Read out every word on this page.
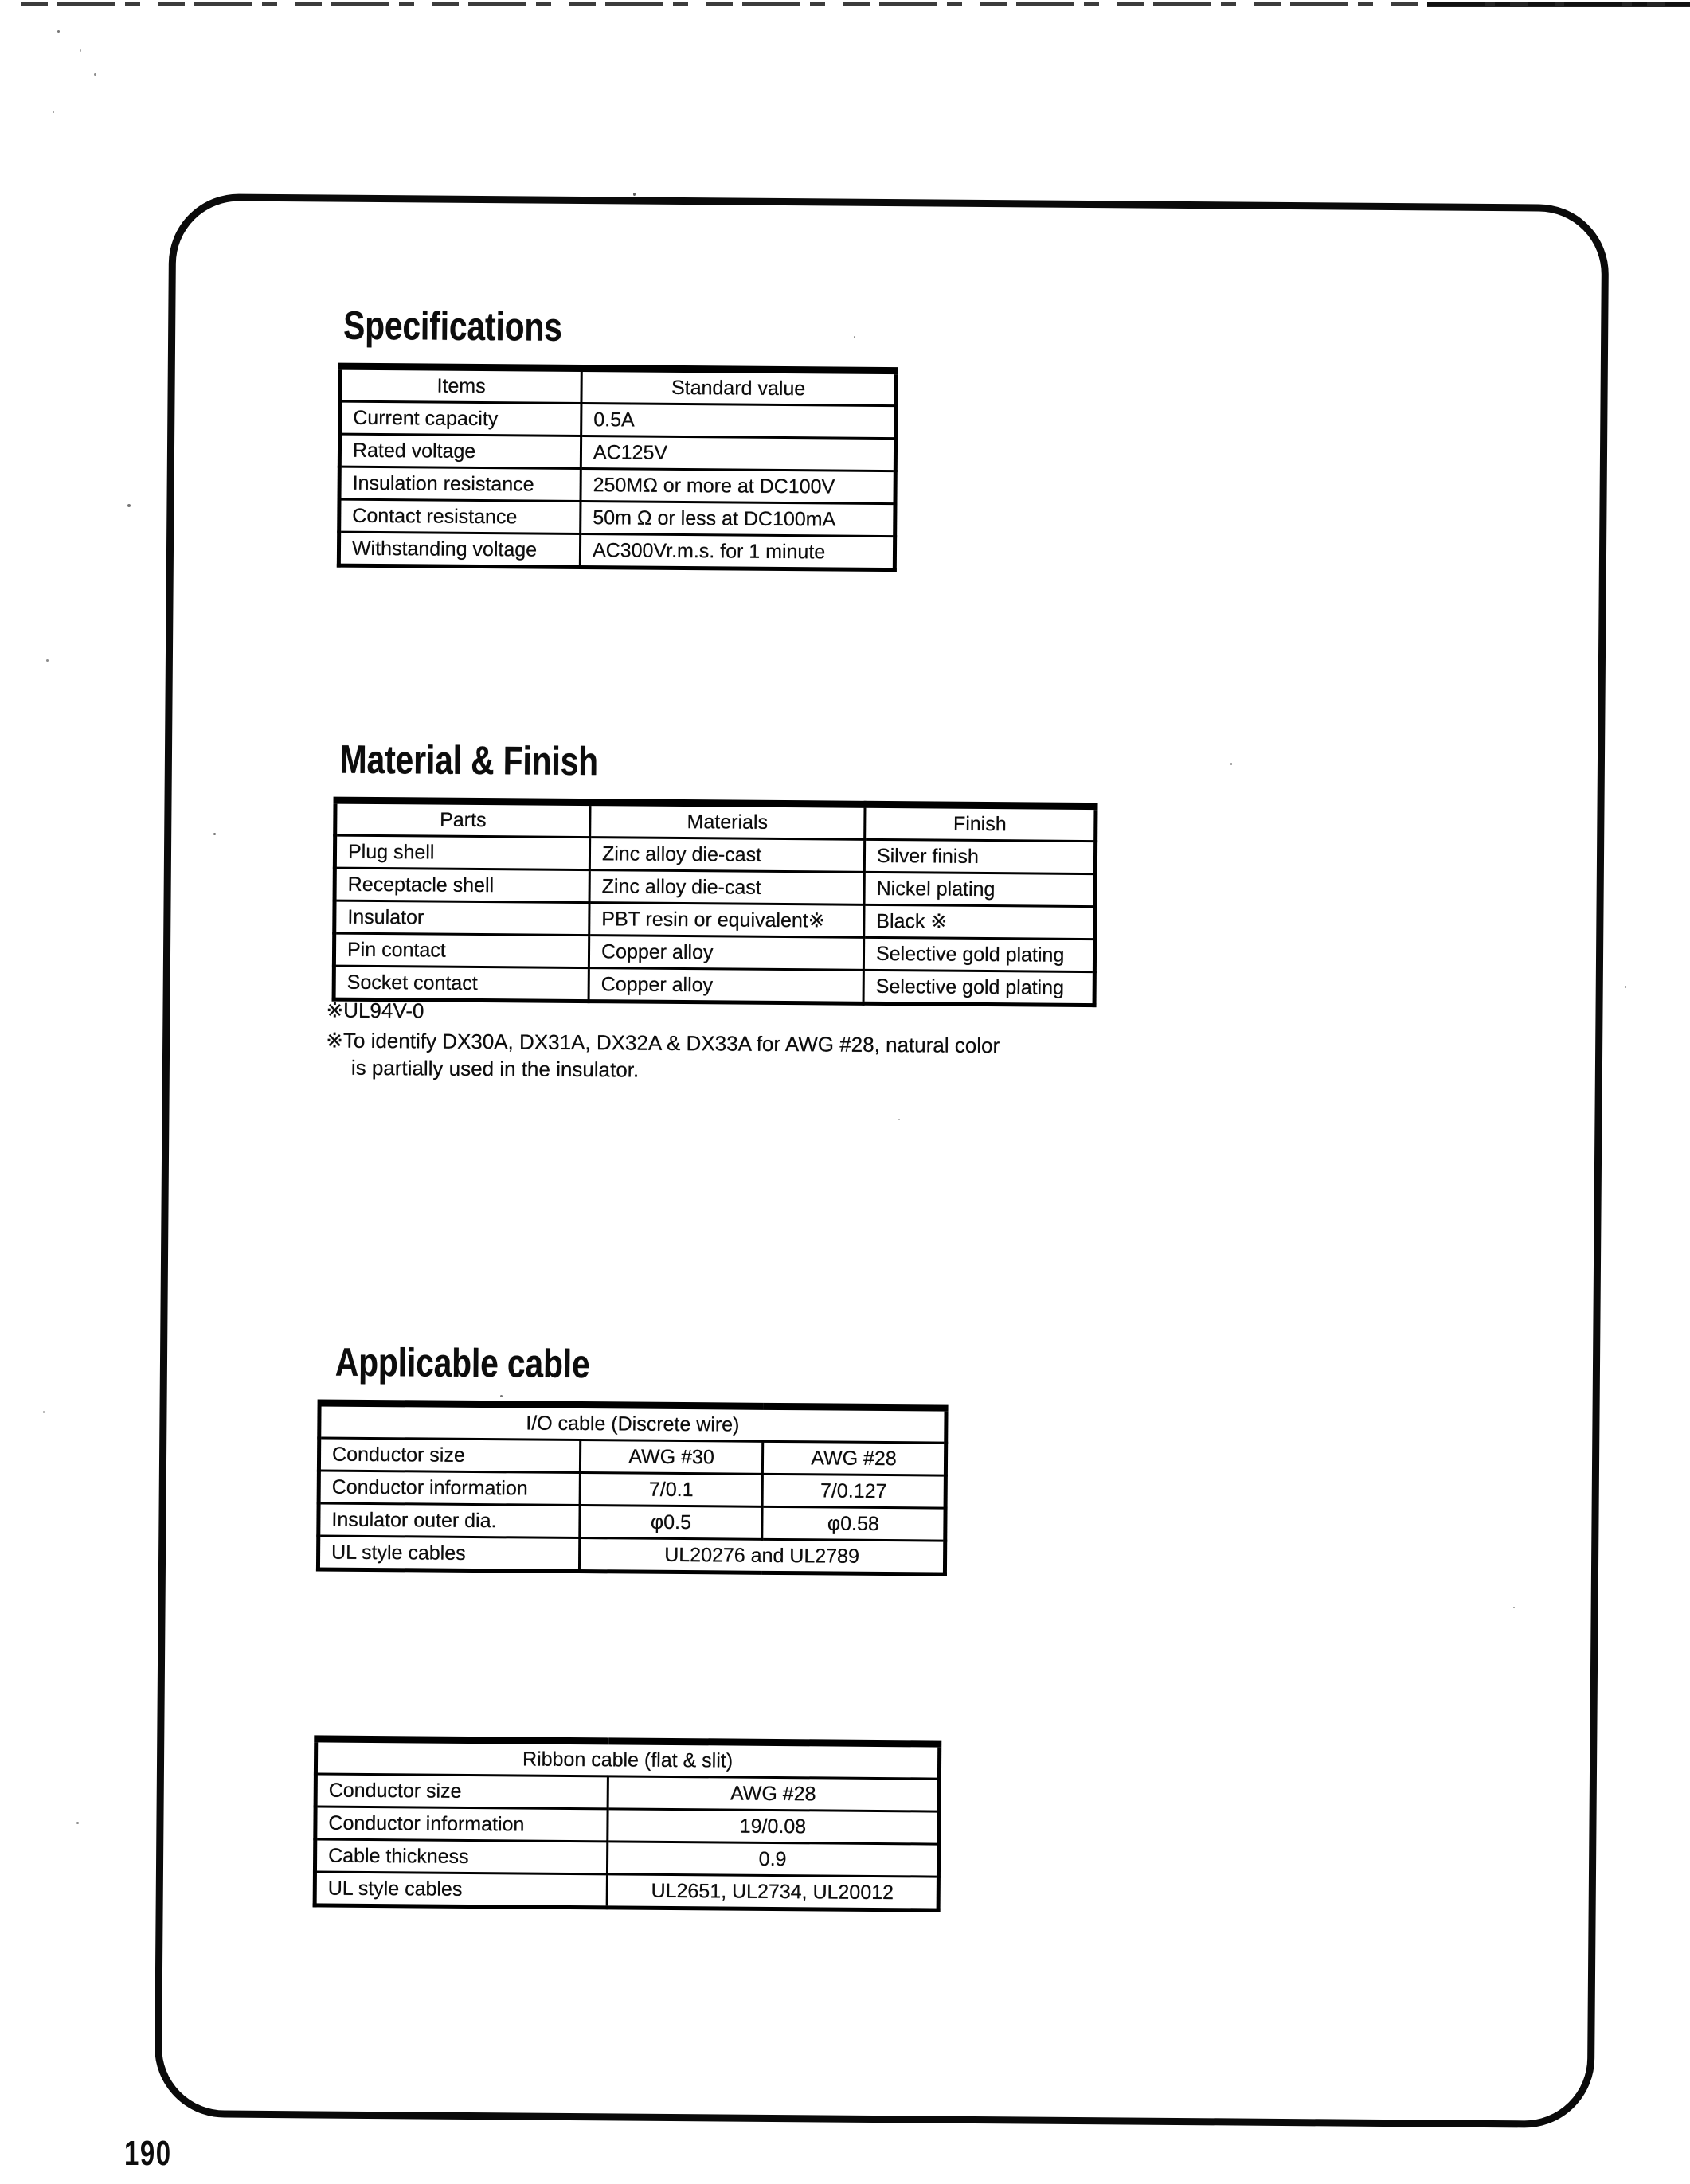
Specifications
Items	Standard value
Current capacity	0.5A
Rated voltage	AC125V
Insulation resistance	250MΩ or more at DC100V
Contact resistance	50m Ω or less at DC100mA
Withstanding voltage	AC300Vr.m.s. for 1 minute
Material & Finish
Parts	Materials	Finish
Plug shell	Zinc alloy die-cast	Silver finish
Receptacle shell	Zinc alloy die-cast	Nickel plating
Insulator	PBT resin or equivalent※	Black ※
Pin contact	Copper alloy	Selective gold plating
Socket contact	Copper alloy	Selective gold plating
※UL94V-0
※To identify DX30A, DX31A, DX32A & DX33A for AWG #28, natural color is partially used in the insulator.
Applicable cable
I/O cable (Discrete wire)		
Conductor size	AWG #30	AWG #28
Conductor information	7/0.1	7/0.127
Insulator outer dia.	φ0.5	φ0.58
UL style cables	UL20276 and UL2789	
Ribbon cable (flat & slit)	
Conductor size	AWG #28
Conductor information	19/0.08
Cable thickness	0.9
UL style cables	UL2651, UL2734, UL20012
190
